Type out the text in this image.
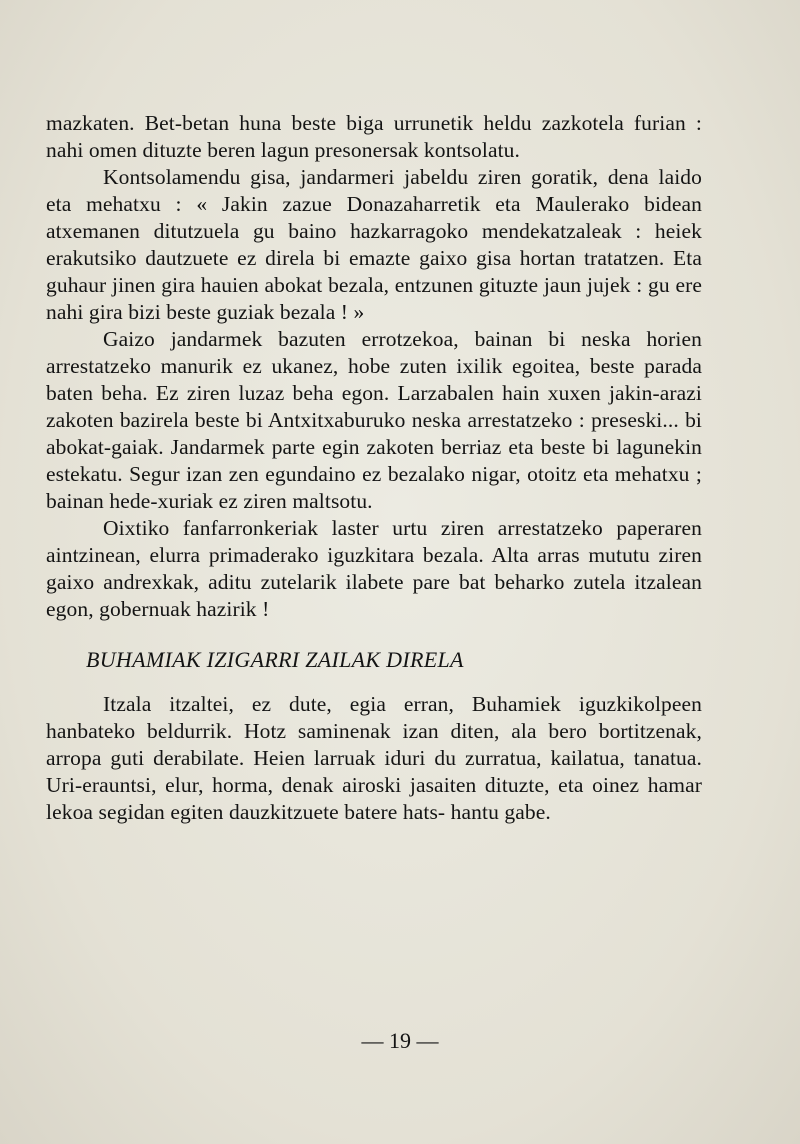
mazkaten. Bet-betan huna beste biga urrunetik heldu zazkotela furian : nahi omen dituzte beren lagun presonersak kontsolatu.

Kontsolamendu gisa, jandarmeri jabeldu ziren goratik, dena laido eta mehatxu : « Jakin zazue Donazaharretik eta Maulerako bidean atxemanen ditutzuela gu baino hazkarragoko mendekatzaleak : heiek erakutsiko dautzuete ez direla bi emazte gaixo gisa hortan tratatzen. Eta guhaur jinen gira hauien abokat bezala, entzunen gituzte jaun jujek : gu ere nahi gira bizi beste guziak bezala ! »

Gaizo jandarmek bazuten errotzekoa, bainan bi neska horien arrestatzeko manurik ez ukanez, hobe zuten ixilik egoitea, beste parada baten beha. Ez ziren luzaz beha egon. Larzabalen hain xuxen jakin-arazi zakoten bazirela beste bi Antxitxaburuko neska arrestatzeko : preseski... bi abokat-gaiak. Jandarmek parte egin zakoten berriaz eta beste bi lagunekin estekatu. Segur izan zen egundaino ez bezalako nigar, otoitz eta mehatxu ; bainan hede-xuriak ez ziren maltsotu.

Oixtiko fanfarronkeriak laster urtu ziren arrestatzeko paperaren aintzinean, elurra primaderako iguzkitara bezala. Alta arras mututu ziren gaixo andrexkak, aditu zutelarik ilabete pare bat beharko zutela itzalean egon, gobernuak hazirik !

BUHAMIAK IZIGARRI ZAILAK DIRELA

Itzala itzaltei, ez dute, egia erran, Buhamiek iguzkikolpeen hanbateko beldurrik. Hotz saminenak izan diten, ala bero bortitzenak, arropa guti derabilate. Heien larruak iduri du zurratua, kailatua, tanatua. Uri-erauntsi, elur, horma, denak airoski jasaiten dituzte, eta oinez hamar lekoa segidan egiten dauzkitzuete batere hats- hantu gabe.

— 19 —
